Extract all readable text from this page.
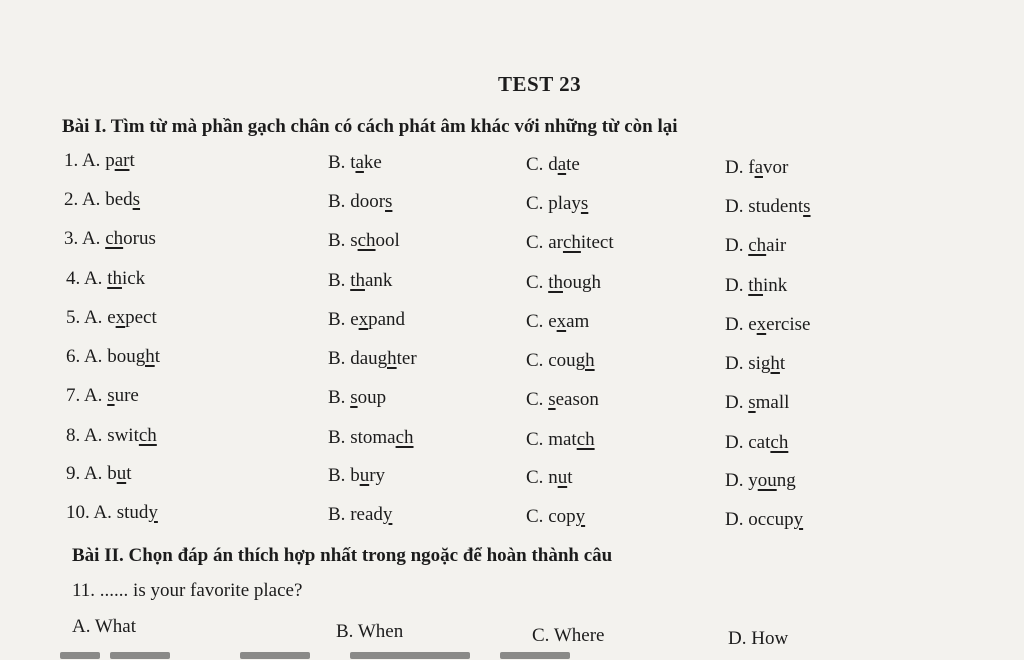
TEST 23
Bài I. Tìm từ mà phần gạch chân có cách phát âm khác với những từ còn lại
1. A. part	B. take	C. date	D. favor
2. A. beds	B. doors	C. plays	D. students
3. A. chorus	B. school	C. architect	D. chair
4. A. thick	B. thank	C. though	D. think
5. A. expect	B. expand	C. exam	D. exercise
6. A. bought	B. daughter	C. cough	D. sight
7. A. sure	B. soup	C. season	D. small
8. A. switch	B. stomach	C. match	D. catch
9. A. but	B. bury	C. nut	D. young
10. A. study	B. ready	C. copy	D. occupy
Bài II. Chọn đáp án thích hợp nhất trong ngoặc để hoàn thành câu
11. ...... is your favorite place?
A. What	B. When	C. Where	D. How
